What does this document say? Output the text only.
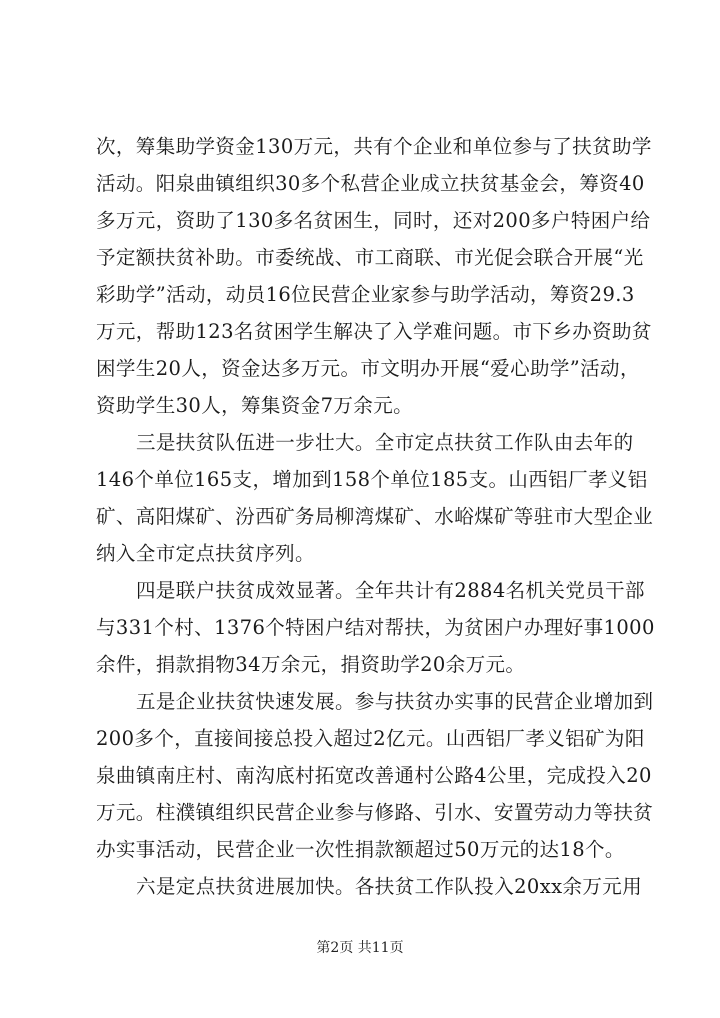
次，筹集助学资金130万元，共有个企业和单位参与了扶贫助学
活动。阳泉曲镇组织30多个私营企业成立扶贫基金会，筹资40
多万元，资助了130多名贫困生，同时，还对200多户特困户给
予定额扶贫补助。市委统战、市工商联、市光促会联合开展“光
彩助学”活动，动员16位民营企业家参与助学活动，筹资29.3
万元，帮助123名贫困学生解决了入学难问题。市下乡办资助贫
困学生20人，资金达多万元。市文明办开展“爱心助学”活动，
资助学生30人，筹集资金7万余元。
三是扶贫队伍进一步壮大。全市定点扶贫工作队由去年的
146个单位165支，增加到158个单位185支。山西铝厂孝义铝
矿、高阳煤矿、汾西矿务局柳湾煤矿、水峪煤矿等驻市大型企业
纳入全市定点扶贫序列。
四是联户扶贫成效显著。全年共计有2884名机关党员干部
与331个村、1376个特困户结对帮扶，为贫困户办理好事1000
余件，捐款捐物34万余元，捐资助学20余万元。
五是企业扶贫快速发展。参与扶贫办实事的民营企业增加到
200多个，直接间接总投入超过2亿元。山西铝厂孝义铝矿为阳
泉曲镇南庄村、南沟底村拓宽改善通村公路4公里，完成投入20
万元。柱濮镇组织民营企业参与修路、引水、安置劳动力等扶贫
办实事活动，民营企业一次性捐款额超过50万元的达18个。
六是定点扶贫进展加快。各扶贫工作队投入20xx余万元用
第2页 共11页
